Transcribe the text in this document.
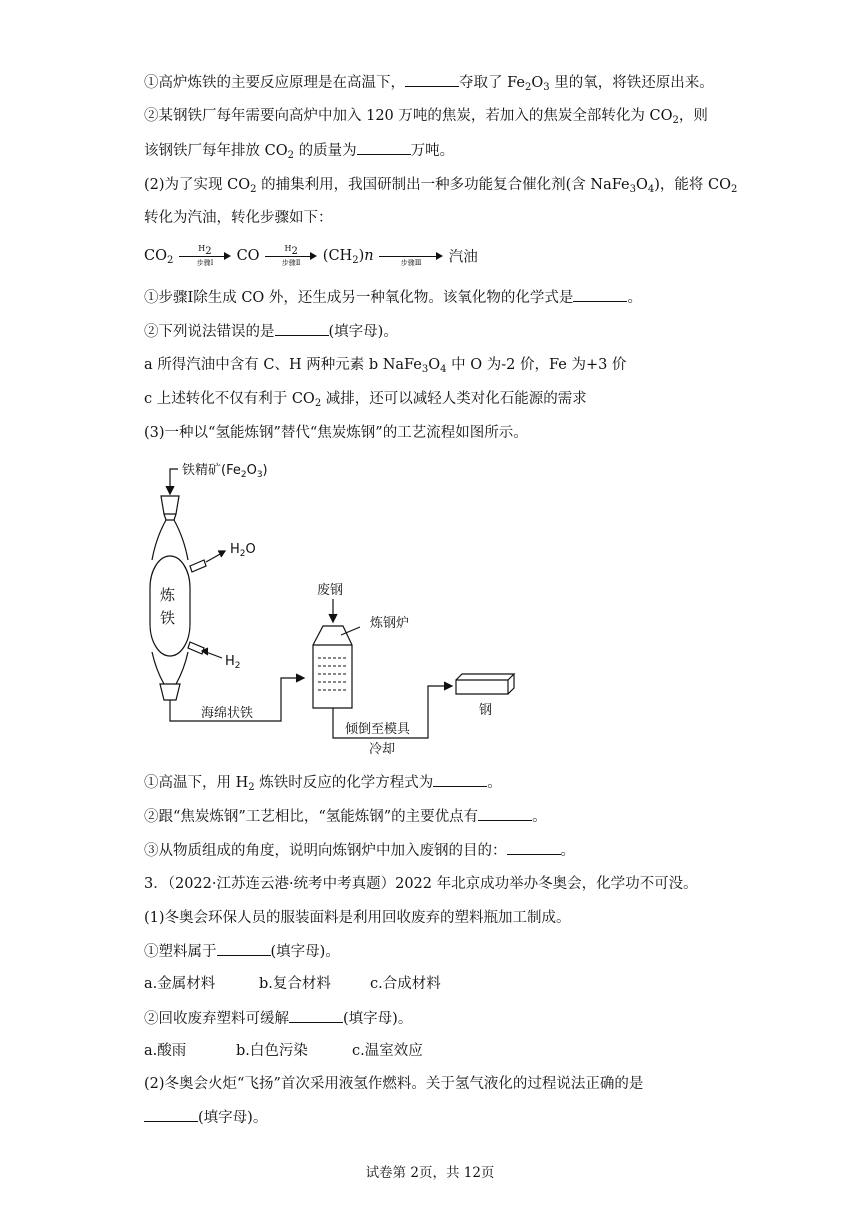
①高炉炼铁的主要反应原理是在高温下，	夺取了 $Fe_2O_3$ 里的氧，将铁还原出来。
②某钢铁厂每年需要向高炉中加入 120 万吨的焦炭，若加入的焦炭全部转化为 $CO_2$，则
该钢铁厂每年排放 $CO_2$ 的质量为	万吨。
(2)为了实现 $CO_2$ 的捕集利用，我国研制出一种多功能复合催化剂(含 $NaFe_3O_4$)，能将 $CO_2$
转化为汽油，转化步骤如下：
$CO_2$
$H_2$
步骤Ⅰ	CO	$H_2$
步骤Ⅱ	$(CH_2)n$	步骤Ⅲ	汽油
①步骤Ⅰ除生成 CO 外，还生成另一种氧化物。该氧化物的化学式是	。
②下列说法错误的是	(填字母)。
a 所得汽油中含有 C、H 两种元素 b $NaFe_3O_4$ 中 O 为-2 价，Fe 为+3 价
c 上述转化不仅有利于 $CO_2$ 减排，还可以减轻人类对化石能源的需求
(3)一种以“氢能炼钢”替代“焦炭炼钢”的工艺流程如图所示。
铁精矿$(Fe_2O_3)$
$H_2O$
炼
铁
$H_2$
海绵状铁
废钢
炼钢炉
倾倒至模具
冷却
钢
①高温下，用 $H_2$ 炼铁时反应的化学方程式为	。
②跟“焦炭炼钢”工艺相比，“氢能炼钢”的主要优点有	。
③从物质组成的角度，说明向炼钢炉中加入废钢的目的：	。
3．（2022·江苏连云港·统考中考真题）2022 年北京成功举办冬奥会，化学功不可没。
(1)冬奥会环保人员的服装面料是利用回收废弃的塑料瓶加工制成。
①塑料属于	(填字母)。
a.金属材料	b.复合材料	c.合成材料
②回收废弃塑料可缓解	(填字母)。
a.酸雨	b.白色污染	c.温室效应
(2)冬奥会火炬“飞扬”首次采用液氢作燃料。关于氢气液化的过程说法正确的是
(填字母)。
试卷第 2页，共 12页
